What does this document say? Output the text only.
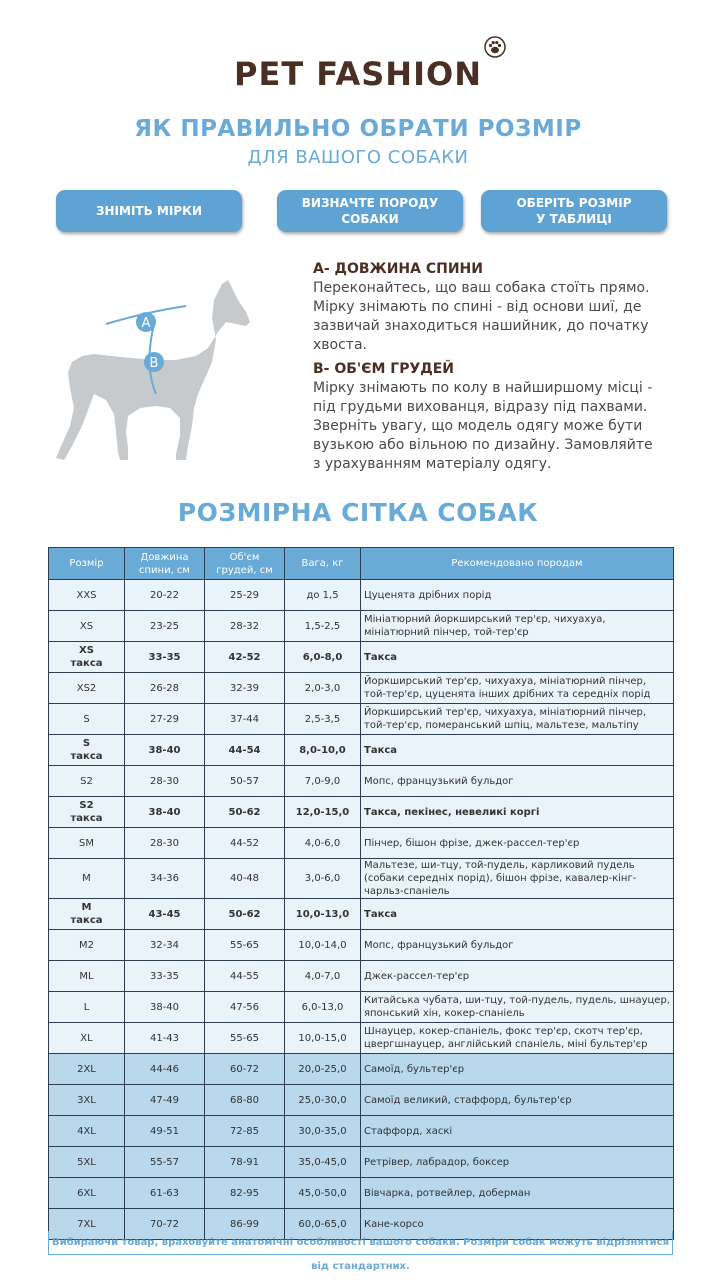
PET FASHION
ЯК ПРАВИЛЬНО ОБРАТИ РОЗМІР
ДЛЯ ВАШОГО СОБАКИ
ЗНІМІТЬ МІРКИ

ВИЗНАЧТЕ ПОРОДУ
СОБАКИ
ОБЕРІТЬ РОЗМІР
У ТАБЛИЦІ
A
B

А- ДОВЖИНА СПИНИ

Переконайтесь, що ваш собака стоїть прямо. Мірку знімають по спині - від основи шиї, де зазвичай знаходиться нашийник, до початку хвоста.

В- ОБ'ЄМ ГРУДЕЙ

Мірку знімають по колу в найширшому місці - під грудьми вихованця, відразу під пахвами. Зверніть увагу, що модель одягу може бути вузькою або вільною по дизайну. Замовляйте з урахуванням матеріалу одягу.

РОЗМІРНА СІТКА СОБАК
Розмір	Довжина спини, см	Об'єм грудей, см	Вага, кг	Рекомендовано породам
XXS	20-22	25-29	до 1,5	Цуценята дрібних порід
XS	23-25	28-32	1,5-2,5	Мініатюрний йоркширський тер'єр, чихуахуа, мініатюрний пінчер, той-тер'єр
XS
такса	33-35	42-52	6,0-8,0	Такса
XS2	26-28	32-39	2,0-3,0	Йоркширський тер'єр, чихуахуа, мініатюрний пінчер, той-тер'єр, цуценята інших дрібних та середніх порід
S	27-29	37-44	2,5-3,5	Йоркширський тер'єр, чихуахуа, мініатюрний пінчер, той-тер'єр, померанський шпіц, мальтезе, мальтіпу
S
такса	38-40	44-54	8,0-10,0	Такса
S2	28-30	50-57	7,0-9,0	Мопс, французький бульдог
S2
такса	38-40	50-62	12,0-15,0	Такса, пекінес, невеликі коргі
SM	28-30	44-52	4,0-6,0	Пінчер, бішон фрізе, джек-рассел-тер'єр
M	34-36	40-48	3,0-6,0	Мальтезе, ши-тцу, той-пудель, карликовий пудель (собаки середніх порід), бішон фрізе, кавалер-кінг-чарльз-спаніель
M
такса	43-45	50-62	10,0-13,0	Такса
M2	32-34	55-65	10,0-14,0	Мопс, французький бульдог
ML	33-35	44-55	4,0-7,0	Джек-рассел-тер'єр
L	38-40	47-56	6,0-13,0	Китайська чубата, ши-тцу, той-пудель, пудель, шнауцер, японський хін, кокер-спаніель
XL	41-43	55-65	10,0-15,0	Шнауцер, кокер-спаніель, фокс тер'єр, скотч тер'єр, цвергшнауцер, англійський спаніель, міні бультер'єр
2XL	44-46	60-72	20,0-25,0	Самоїд, бультер'єр
3XL	47-49	68-80	25,0-30,0	Самоїд великий, стаффорд, бультер'єр
4XL	49-51	72-85	30,0-35,0	Стаффорд, хаскі
5XL	55-57	78-91	35,0-45,0	Ретрівер, лабрадор, боксер
6XL	61-63	82-95	45,0-50,0	Вівчарка, ротвейлер, доберман
7XL	70-72	86-99	60,0-65,0	Кане-корсо
Вибираючи товар, враховуйте анатомічні особливості вашого собаки. Розміри собак можуть відрізнятися від стандартних.
